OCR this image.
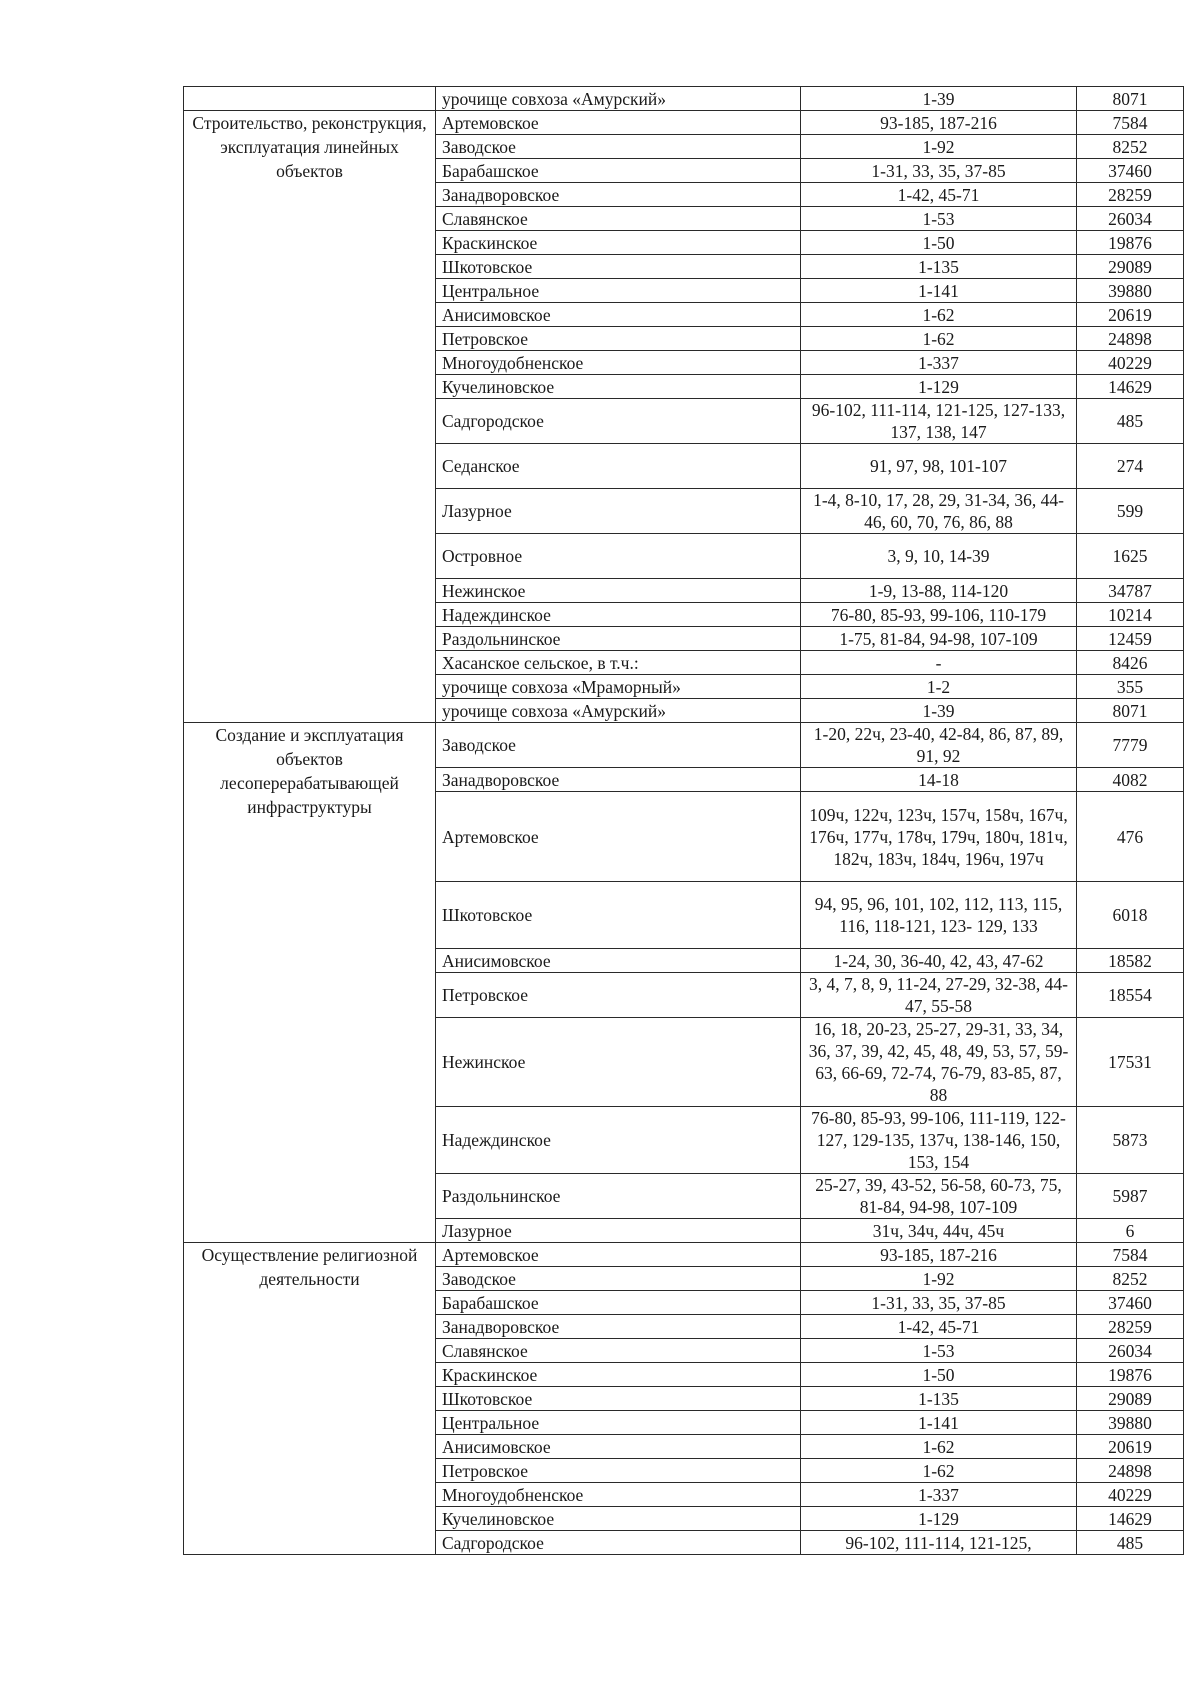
	урочище совхоза «Амурский»	1-39	8071

Строительство, реконструкция, эксплуатация линейных объектов	Артемовское	93-185, 187-216	7584
	Заводское	1-92	8252
	Барабашское	1-31, 33, 35, 37-85	37460
	Занадворовское	1-42, 45-71	28259
	Славянское	1-53	26034
	Краскинское	1-50	19876
	Шкотовское	1-135	29089
	Центральное	1-141	39880
	Анисимовское	1-62	20619
	Петровское	1-62	24898
	Многоудобненское	1-337	40229
	Кучелиновское	1-129	14629
	Садгородское	96-102, 111-114, 121-125, 127-133, 137, 138, 147	485
	Седанское	91, 97, 98, 101-107	274
	Лазурное	1-4, 8-10, 17, 28, 29, 31-34, 36, 44-46, 60, 70, 76, 86, 88	599
	Островное	3, 9, 10, 14-39	1625
	Нежинское	1-9, 13-88, 114-120	34787
	Надеждинское	76-80, 85-93, 99-106, 110-179	10214
	Раздольнинское	1-75, 81-84, 94-98, 107-109	12459
	Хасанское сельское, в т.ч.:	-	8426
	урочище совхоза «Мраморный»	1-2	355
	урочище совхоза «Амурский»	1-39	8071

Создание и эксплуатация объектов лесоперерабатывающей инфраструктуры	Заводское	1-20, 22ч, 23-40, 42-84, 86, 87, 89, 91, 92	7779
	Занадворовское	14-18	4082
	Артемовское	109ч, 122ч, 123ч, 157ч, 158ч, 167ч, 176ч, 177ч, 178ч, 179ч, 180ч, 181ч, 182ч, 183ч, 184ч, 196ч, 197ч	476
	Шкотовское	94, 95, 96, 101, 102, 112, 113, 115, 116, 118-121, 123- 129, 133	6018
	Анисимовское	1-24, 30, 36-40, 42, 43, 47-62	18582
	Петровское	3, 4, 7, 8, 9, 11-24, 27-29, 32-38, 44-47, 55-58	18554
	Нежинское	16, 18, 20-23, 25-27, 29-31, 33, 34, 36, 37, 39, 42, 45, 48, 49, 53, 57, 59-63, 66-69, 72-74, 76-79, 83-85, 87, 88	17531
	Надеждинское	76-80, 85-93, 99-106, 111-119, 122-127, 129-135, 137ч, 138-146, 150, 153, 154	5873
	Раздольнинское	25-27, 39, 43-52, 56-58, 60-73, 75, 81-84, 94-98, 107-109	5987
	Лазурное	31ч, 34ч, 44ч, 45ч	6

Осуществление религиозной деятельности	Артемовское	93-185, 187-216	7584
	Заводское	1-92	8252
	Барабашское	1-31, 33, 35, 37-85	37460
	Занадворовское	1-42, 45-71	28259
	Славянское	1-53	26034
	Краскинское	1-50	19876
	Шкотовское	1-135	29089
	Центральное	1-141	39880
	Анисимовское	1-62	20619
	Петровское	1-62	24898
	Многоудобненское	1-337	40229
	Кучелиновское	1-129	14629
	Садгородское	96-102, 111-114, 121-125,	485
